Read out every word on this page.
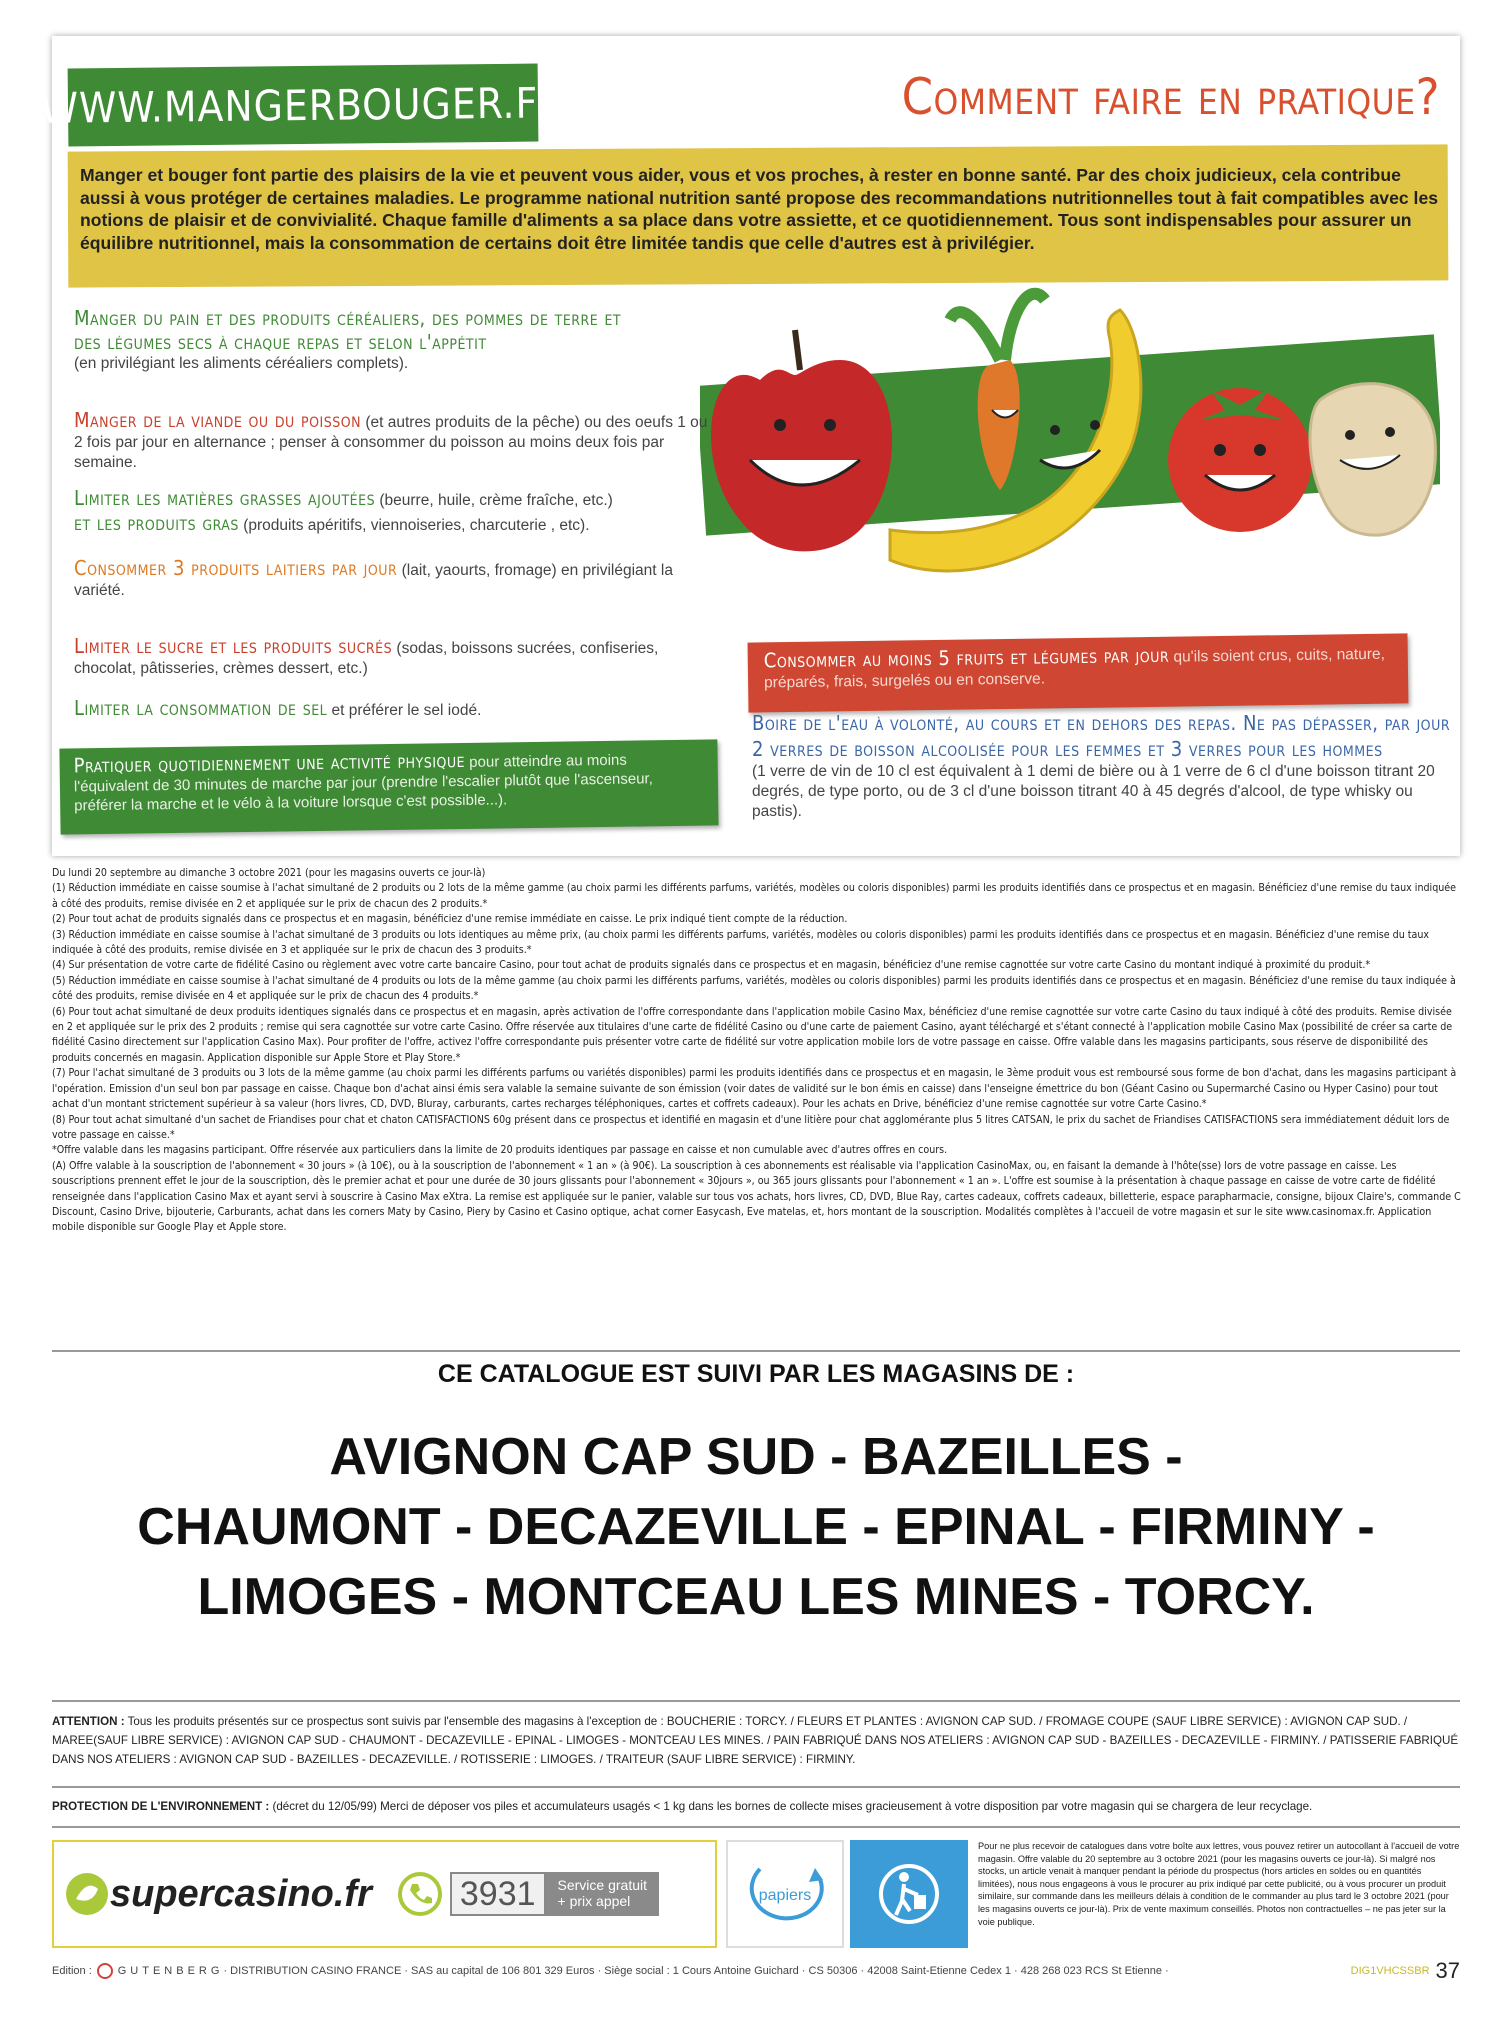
WWW.MANGERBOUGER.FR	Comment faire en pratique?
Manger et bouger font partie des plaisirs de la vie et peuvent vous aider, vous et vos proches, à rester en bonne santé. Par des choix judicieux, cela contribue aussi à vous protéger de certaines maladies. Le programme national nutrition santé propose des recommandations nutritionnelles tout à fait compatibles avec les notions de plaisir et de convivialité. Chaque famille d'aliments a sa place dans votre assiette, et ce quotidiennement. Tous sont indispensables pour assurer un équilibre nutritionnel, mais la consommation de certains doit être limitée tandis que celle d'autres est à privilégier.
Manger du pain et des produits céréaliers, des pommes de terre et des légumes secs à chaque repas et selon l'appétit
(en privilégiant les aliments céréaliers complets).
Manger de la viande ou du poisson (et autres produits de la pêche) ou des oeufs 1 ou 2 fois par jour en alternance ; penser à consommer du poisson au moins deux fois par semaine.
Limiter les matières grasses ajoutées (beurre, huile, crème fraîche, etc.)
et les produits gras (produits apéritifs, viennoiseries, charcuterie , etc).
Consommer 3 produits laitiers par jour (lait, yaourts, fromage) en privilégiant la variété.
Limiter le sucre et les produits sucrés (sodas, boissons sucrées, confiseries, chocolat, pâtisseries, crèmes dessert, etc.)
Limiter la consommation de sel et préférer le sel iodé.
Pratiquer quotidiennement une activité physique pour atteindre au moins l'équivalent de 30 minutes de marche par jour (prendre l'escalier plutôt que l'ascenseur, préférer la marche et le vélo à la voiture lorsque c'est possible...).
Consommer au moins 5 fruits et légumes par jour qu'ils soient crus, cuits, nature, préparés, frais, surgelés ou en conserve.
Boire de l'eau à volonté, au cours et en dehors des repas. Ne pas dépasser, par jour 2 verres de boisson alcoolisée pour les femmes et 3 verres pour les hommes
(1 verre de vin de 10 cl est équivalent à 1 demi de bière ou à 1 verre de 6 cl d'une boisson titrant 20 degrés, de type porto, ou de 3 cl d'une boisson titrant 40 à 45 degrés d'alcool, de type whisky ou pastis).
Du lundi 20 septembre au dimanche 3 octobre 2021 (pour les magasins ouverts ce jour-là)
(1) Réduction immédiate en caisse soumise à l'achat simultané de 2 produits ou 2 lots de la même gamme (au choix parmi les différents parfums, variétés, modèles ou coloris disponibles) parmi les produits identifiés dans ce prospectus et en magasin. Bénéficiez d'une remise du taux indiquée à côté des produits, remise divisée en 2 et appliquée sur le prix de chacun des 2 produits.*
(2) Pour tout achat de produits signalés dans ce prospectus et en magasin, bénéficiez d'une remise immédiate en caisse. Le prix indiqué tient compte de la réduction.
(3) Réduction immédiate en caisse soumise à l'achat simultané de 3 produits ou lots identiques au même prix, (au choix parmi les différents parfums, variétés, modèles ou coloris disponibles) parmi les produits identifiés dans ce prospectus et en magasin. Bénéficiez d'une remise du taux indiquée à côté des produits, remise divisée en 3 et appliquée sur le prix de chacun des 3 produits.*
(4) Sur présentation de votre carte de fidélité Casino ou règlement avec votre carte bancaire Casino, pour tout achat de produits signalés dans ce prospectus et en magasin, bénéficiez d'une remise cagnottée sur votre carte Casino du montant indiqué à proximité du produit.*
(5) Réduction immédiate en caisse soumise à l'achat simultané de 4 produits ou lots de la même gamme (au choix parmi les différents parfums, variétés, modèles ou coloris disponibles) parmi les produits identifiés dans ce prospectus et en magasin. Bénéficiez d'une remise du taux indiquée à côté des produits, remise divisée en 4 et appliquée sur le prix de chacun des 4 produits.*
(6) Pour tout achat simultané de deux produits identiques signalés dans ce prospectus et en magasin, après activation de l'offre correspondante dans l'application mobile Casino Max, bénéficiez d'une remise cagnottée sur votre carte Casino du taux indiqué à côté des produits. Remise divisée en 2 et appliquée sur le prix des 2 produits ; remise qui sera cagnottée sur votre carte Casino. Offre réservée aux titulaires d'une carte de fidélité Casino ou d'une carte de paiement Casino, ayant téléchargé et s'étant connecté à l'application mobile Casino Max (possibilité de créer sa carte de fidélité Casino directement sur l'application Casino Max). Pour profiter de l'offre, activez l'offre correspondante puis présenter votre carte de fidélité sur votre application mobile lors de votre passage en caisse. Offre valable dans les magasins participants, sous réserve de disponibilité des produits concernés en magasin. Application disponible sur Apple Store et Play Store.*
(7) Pour l'achat simultané de 3 produits ou 3 lots de la même gamme (au choix parmi les différents parfums ou variétés disponibles) parmi les produits identifiés dans ce prospectus et en magasin, le 3ème produit vous est remboursé sous forme de bon d'achat, dans les magasins participant à l'opération. Emission d'un seul bon par passage en caisse. Chaque bon d'achat ainsi émis sera valable la semaine suivante de son émission (voir dates de validité sur le bon émis en caisse) dans l'enseigne émettrice du bon (Géant Casino ou Supermarché Casino ou Hyper Casino) pour tout achat d'un montant strictement supérieur à sa valeur (hors livres, CD, DVD, Bluray, carburants, cartes recharges téléphoniques, cartes et coffrets cadeaux). Pour les achats en Drive, bénéficiez d'une remise cagnottée sur votre Carte Casino.*
(8) Pour tout achat simultané d'un sachet de Friandises pour chat et chaton CATISFACTIONS 60g présent dans ce prospectus et identifié en magasin et d'une litière pour chat agglomérante plus 5 litres CATSAN, le prix du sachet de Friandises CATISFACTIONS sera immédiatement déduit lors de votre passage en caisse.*
*Offre valable dans les magasins participant. Offre réservée aux particuliers dans la limite de 20 produits identiques par passage en caisse et non cumulable avec d'autres offres en cours.
(A) Offre valable à la souscription de l'abonnement « 30 jours » (à 10€), ou à la souscription de l'abonnement « 1 an » (à 90€). La souscription à ces abonnements est réalisable via l'application CasinoMax, ou, en faisant la demande à l'hôte(sse) lors de votre passage en caisse. Les souscriptions prennent effet le jour de la souscription, dès le premier achat et pour une durée de 30 jours glissants pour l'abonnement « 30jours », ou 365 jours glissants pour l'abonnement « 1 an ». L'offre est soumise à la présentation à chaque passage en caisse de votre carte de fidélité renseignée dans l'application Casino Max et ayant servi à souscrire à Casino Max eXtra. La remise est appliquée sur le panier, valable sur tous vos achats, hors livres, CD, DVD, Blue Ray, cartes cadeaux, coffrets cadeaux, billetterie, espace parapharmacie, consigne, bijoux Claire's, commande C Discount, Casino Drive, bijouterie, Carburants, achat dans les corners Maty by Casino, Piery by Casino et Casino optique, achat corner Easycash, Eve matelas, et, hors montant de la souscription. Modalités complètes à l'accueil de votre magasin et sur le site www.casinomax.fr. Application mobile disponible sur Google Play et Apple store.
CE CATALOGUE EST SUIVI PAR LES MAGASINS DE :
AVIGNON CAP SUD - BAZEILLES -
CHAUMONT - DECAZEVILLE - EPINAL - FIRMINY -
LIMOGES - MONTCEAU LES MINES - TORCY.
ATTENTION : Tous les produits présentés sur ce prospectus sont suivis par l'ensemble des magasins à l'exception de : BOUCHERIE : TORCY. / FLEURS ET PLANTES : AVIGNON CAP SUD. / FROMAGE COUPE (SAUF LIBRE SERVICE) : AVIGNON CAP SUD. / MAREE(SAUF LIBRE SERVICE) : AVIGNON CAP SUD - CHAUMONT - DECAZEVILLE - EPINAL - LIMOGES - MONTCEAU LES MINES. / PAIN FABRIQUÉ DANS NOS ATELIERS : AVIGNON CAP SUD - BAZEILLES - DECAZEVILLE - FIRMINY. / PATISSERIE FABRIQUÉ DANS NOS ATELIERS : AVIGNON CAP SUD - BAZEILLES - DECAZEVILLE. / ROTISSERIE : LIMOGES. / TRAITEUR (SAUF LIBRE SERVICE) : FIRMINY.
PROTECTION DE L'ENVIRONNEMENT : (décret du 12/05/99) Merci de déposer vos piles et accumulateurs usagés < 1 kg dans les bornes de collecte mises gracieusement à votre disposition par votre magasin qui se chargera de leur recyclage.
supercasino.fr	3931	Service gratuit
+ prix appel	papiers
Pour ne plus recevoir de catalogues dans votre boîte aux lettres, vous pouvez retirer un autocollant à l'accueil de votre magasin. Offre valable du 20 septembre au 3 octobre 2021 (pour les magasins ouverts ce jour-là). Si malgré nos stocks, un article venait à manquer pendant la période du prospectus (hors articles en soldes ou en quantités limitées), nous nous engageons à vous le procurer au prix indiqué par cette publicité, ou à vous procurer un produit similaire, sur commande dans les meilleurs délais à condition de le commander au plus tard le 3 octobre 2021 (pour les magasins ouverts ce jour-là). Prix de vente maximum conseillés. Photos non contractuelles – ne pas jeter sur la voie publique.
Edition : GUTENBERG · DISTRIBUTION CASINO FRANCE · SAS au capital de 106 801 329 Euros · Siège social : 1 Cours Antoine Guichard · CS 50306 · 42008 Saint-Etienne Cedex 1 · 428 268 023 RCS St Etienne ·	DIG1VHCSSBR 37
